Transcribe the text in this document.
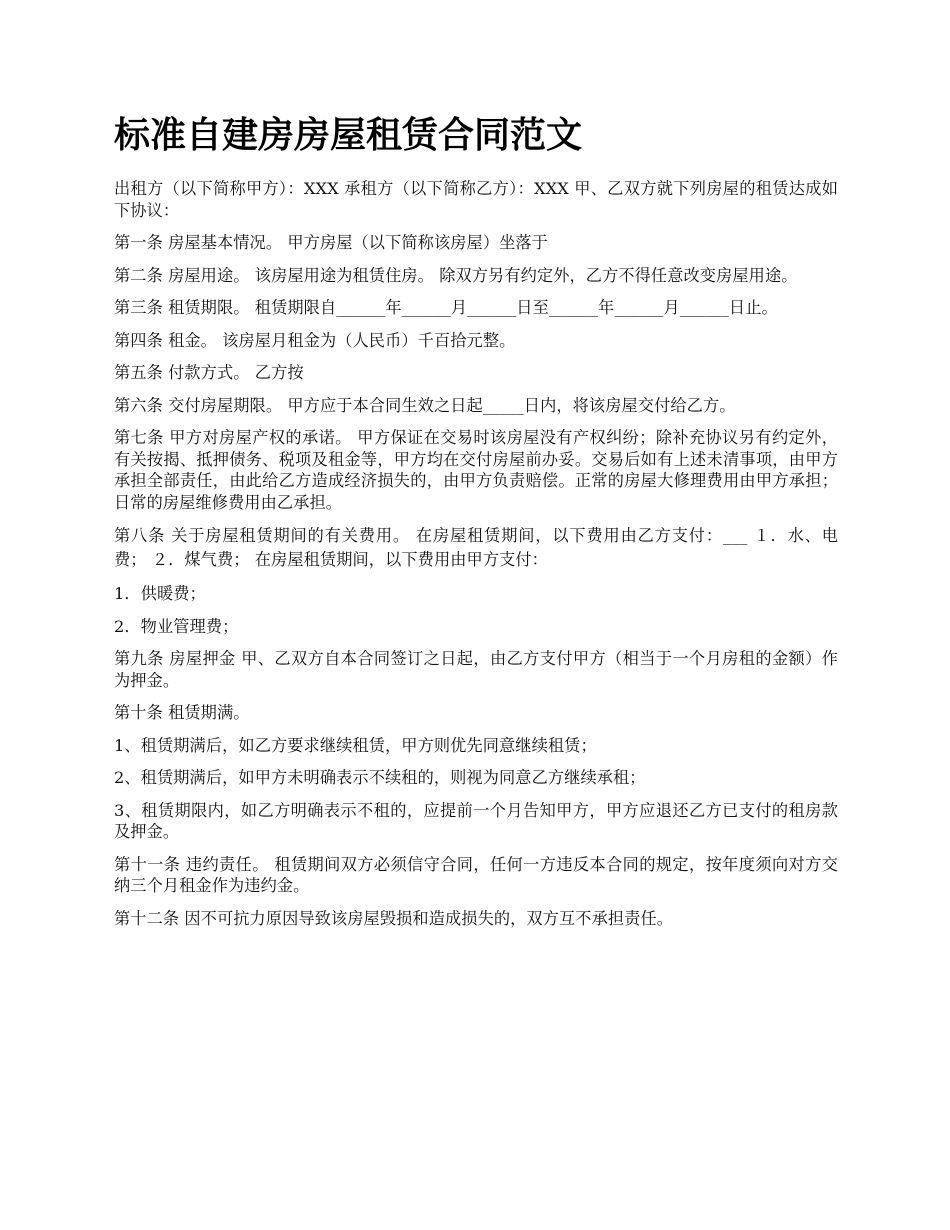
标准自建房房屋租赁合同范文

出租方（以下简称甲方）：XXX 承租方（以下简称乙方）：XXX 甲、乙双方就下列房屋的租赁达成如下协议：

第一条 房屋基本情况。 甲方房屋（以下简称该房屋）坐落于

第二条 房屋用途。 该房屋用途为租赁住房。 除双方另有约定外，乙方不得任意改变房屋用途。

第三条 租赁期限。 租赁期限自______年______月______日至______年______月______日止。

第四条 租金。 该房屋月租金为（人民币）千百拾元整。

第五条 付款方式。 乙方按

第六条 交付房屋期限。 甲方应于本合同生效之日起_____日内，将该房屋交付给乙方。

第七条 甲方对房屋产权的承诺。 甲方保证在交易时该房屋没有产权纠纷；除补充协议另有约定外，有关按揭、抵押债务、税项及租金等，甲方均在交付房屋前办妥。交易后如有上述未清事项，由甲方承担全部责任，由此给乙方造成经济损失的，由甲方负责赔偿。正常的房屋大修理费用由甲方承担；日常的房屋维修费用由乙承担。

第八条 关于房屋租赁期间的有关费用。 在房屋租赁期间，以下费用由乙方支付：___ １．水、电费； ２．煤气费； 在房屋租赁期间，以下费用由甲方支付：

1．供暖费；

2．物业管理费；

第九条 房屋押金 甲、乙双方自本合同签订之日起，由乙方支付甲方（相当于一个月房租的金额）作为押金。

第十条 租赁期满。

1、租赁期满后，如乙方要求继续租赁，甲方则优先同意继续租赁；

2、租赁期满后，如甲方未明确表示不续租的，则视为同意乙方继续承租；

3、租赁期限内，如乙方明确表示不租的，应提前一个月告知甲方，甲方应退还乙方已支付的租房款及押金。

第十一条 违约责任。 租赁期间双方必须信守合同，任何一方违反本合同的规定，按年度须向对方交纳三个月租金作为违约金。

第十二条 因不可抗力原因导致该房屋毁损和造成损失的，双方互不承担责任。
